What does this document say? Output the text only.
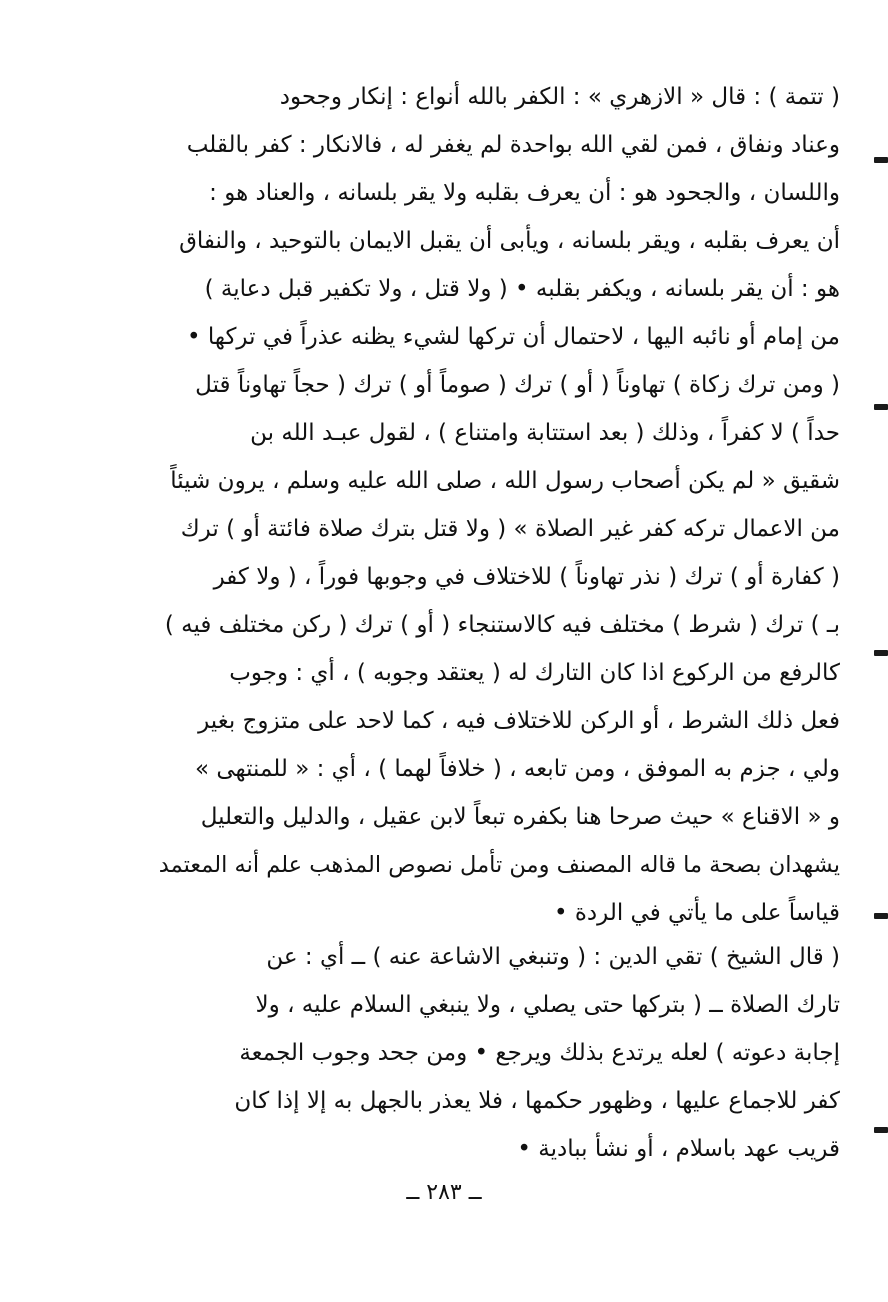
( تتمة ) : قال « الازهري » : الكفر بالله أنواع : إنكار وجحود
وعناد ونفاق ، فمن لقي الله بواحدة لم يغفر له ، فالانكار : كفر بالقلب
واللسان ، والجحود هو : أن يعرف بقلبه ولا يقر بلسانه ، والعناد هو :
أن يعرف بقلبه ، ويقر بلسانه ، ويأبى أن يقبل الايمان بالتوحيد ، والنفاق
هو : أن يقر بلسانه ، ويكفر بقلبه • ( ولا قتل ، ولا تكفير قبل دعاية )
من إمام أو نائبه اليها ، لاحتمال أن تركها لشيء يظنه عذراً في تركها •
( ومن ترك زكاة ) تهاوناً ( أو ) ترك ( صوماً أو ) ترك ( حجاً تهاوناً قتل
حداً ) لا كفراً ، وذلك ( بعد استتابة وامتناع ) ، لقول عبـد الله بن
شقيق « لم يكن أصحاب رسول الله ، صلى الله عليه وسلم ، يرون شيئاً
من الاعمال تركه كفر غير الصلاة » ( ولا قتل بترك صلاة فائتة أو ) ترك
( كفارة أو ) ترك ( نذر تهاوناً ) للاختلاف في وجوبها فوراً ، ( ولا كفر
بـ ) ترك ( شرط ) مختلف فيه كالاستنجاء ( أو ) ترك ( ركن مختلف فيه )
كالرفع من الركوع اذا كان التارك له ( يعتقد وجوبه ) ، أي : وجوب
فعل ذلك الشرط ، أو الركن للاختلاف فيه ، كما لاحد على متزوج بغير
ولي ، جزم به الموفق ، ومن تابعه ، ( خلافاً لهما ) ، أي : « للمنتهى »
و « الاقناع » حيث صرحا هنا بكفره تبعاً لابن عقيل ، والدليل والتعليل
يشهدان بصحة ما قاله المصنف ومن تأمل نصوص المذهب علم أنه المعتمد
قياساً على ما يأتي في الردة •
( قال الشيخ ) تقي الدين : ( وتنبغي الاشاعة عنه ) ــ أي : عن
تارك الصلاة ــ ( بتركها حتى يصلي ، ولا ينبغي السلام عليه ، ولا
إجابة دعوته ) لعله يرتدع بذلك ويرجع • ومن جحد وجوب الجمعة
كفر للاجماع عليها ، وظهور حكمها ، فلا يعذر بالجهل به إلا إذا كان
قريب عهد باسلام ، أو نشأ ببادية •
ــ ٢٨٣ ــ
